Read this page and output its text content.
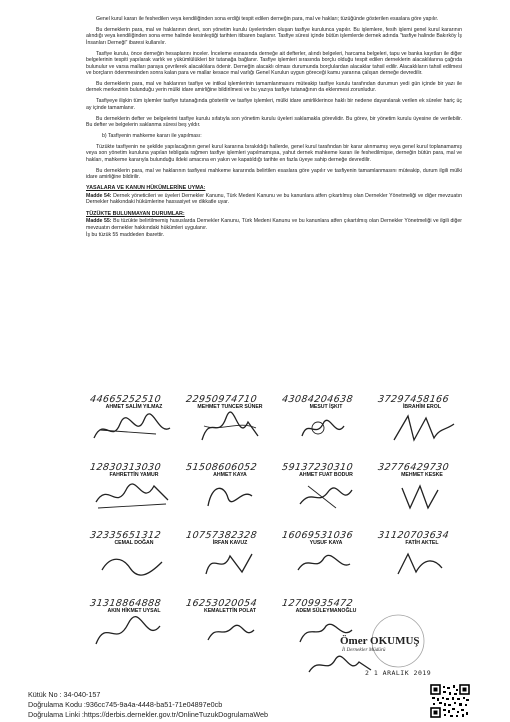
Genel kurul kararı ile feshedilen veya kendiliğinden sona erdiği tespit edilen derneğin para, mal ve hakları; tüzüğünde gösterilen esaslara göre yapılır.

Bu derneklerin para, mal ve haklarının devri, son yönetim kurulu üyelerinden oluşan tasfiye kurulunca yapılır. Bu işlemlere, fesih işlemi genel kurul kararının alındığı veya kendiliğinden sona erme halinde kesinleştiği tarihten itibaren başlanır. Tasfiye süresi içinde bütün işlemlerde dernek adında "tasfiye halinde Bakırköy İş İnsanları Derneği" ibaresi kullanılır.

Tasfiye kurulu, önce derneğin hesaplarını inceler. İnceleme esnasında derneğe ait defterler, alındı belgeleri, harcama belgeleri, tapu ve banka kayıtları ile diğer belgelerinin tespiti yapılarak varlık ve yükümlülükleri bir tutanağa bağlanır. Tasfiye işlemleri sırasında borçlu olduğu tespit edilen derneklerin alacaklılarına çağrıda bulunulur ve varsa malları paraya çevrilerek alacaklılara ödenir. Derneğin alacaklı olması durumunda borçlulardan alacaklar tahsil edilir. Alacaklıların tahsil edilmesi ve borçların ödenmesinden sonra kalan para ve mallar kesace mal varlığı Genel Kurulun uygun göreceği kamu yararına çalışan derneğe devredilir.

Bu derneklerin para, mal ve haklarının tasfiye ve intikal işlemlerinin tamamlanmasını müteakip tasfiye kurulu tarafından durumun yedi gün içinde bir yazı ile dernek merkezinin bulunduğu yerin mülki idare amirliğine bildirilmesi ve bu yazıya tasfiye tutanağının da eklenmesi zorunludur.

Tasfiyeye ilişkin tüm işlemler tasfiye tutanağında gösterilir ve tasfiye işlemleri, mülki idare amirliklerince haklı bir nedene dayanılarak verilen ek süreler hariç üç ay içinde tamamlanır.

Bu derneklerin defter ve belgelerini tasfiye kurulu sıfatıyla son yönetim kurulu üyeleri saklamakla görevlidir. Bu görev, bir yönetim kurulu üyesine de verilebilir. Bu defter ve belgelerin saklanma süresi beş yıldır.

b) Tasfiyenin mahkeme kararı ile yapılması:

Tüzükte tasfiyenin ne şekilde yapılacağının genel kurul kararına bırakıldığı hallerde, genel kurul tarafından bir karar alınmamış veya genel kurul toplanamamış veya son yönetim kuruluna yapılan tebligata rağmen tasfiye işlemleri yapılmamışsa, yahut dernek mahkeme kararı ile feshedilmişse, derneğin bütün para, mal ve hakları, mahkeme kararıyla bulunduğu ildeki amacına en yakın ve kapatıldığı tarihte en fazla üyeye sahip derneğe devredilir.

Bu derneklerin para, mal ve haklarının tasfiyesi mahkeme kararında belirtilen esaslara göre yapılır ve tasfiyenin tamamlanmasını müteakip, durum ilgili mülki idare amirliğine bildirilir.

YASALARA VE KANUN HÜKÜMLERİNE UYMA:

Madde 54: Dernek yöneticileri ve üyeleri Dernekler Kanunu, Türk Medeni Kanunu ve bu kanunlara atfen çıkartılmış olan Dernekler Yönetmeliği ve diğer mevzuatın Dernekler hakkındaki hükümlerine hassasiyet ve dikkatle uyar.

TÜZÜKTE BULUNMAYAN DURUMLAR:

Madde 55: Bu tüzükte belirtilmemiş hususlarda Dernekler Kanunu, Türk Medeni Kanunu ve bu kanunlara atfen çıkartılmış olan Dernekler Yönetmeliği ve ilgili diğer mevzuatın dernekler hakkındaki hükümleri uygulanır.

İş bu tüzük 55 maddeden ibarettir.

44665252510
AHMET SALİM YILMAZ
22950974710
MEHMET TUNCER SÜNER
43084204638
MESUT İŞKIT
37297458166
İBRAHİM EROL
12830313030
FAHRETTİN YAMUR
51508606052
AHMET KAYA
59137230310
AHMET FUAT BODUR
32776429730
MEHMET KESKE
32335651312
CEMAL DOĞAN
10757382328
İRFAN KAVUZ
16069531036
YUSUF KAYA
31120703634
FATİH AKTEL
31318864888
AKIN HİKMET UYSAL
16253020054
KEMALETTİN POLAT
12709935472
ADEM SÜLEYMANOĞLU
Ömer OKUMUŞ
İl Dernekler Müdürü
2 1 ARALIK 2019
Kütük No : 34-040-157
Doğrulama Kodu :936cc745-9a4a-4448-ba51-71e04897e0cb
Doğrulama Linki :https://derbis.dernekler.gov.tr/OnlineTuzukDogrulamaWeb
